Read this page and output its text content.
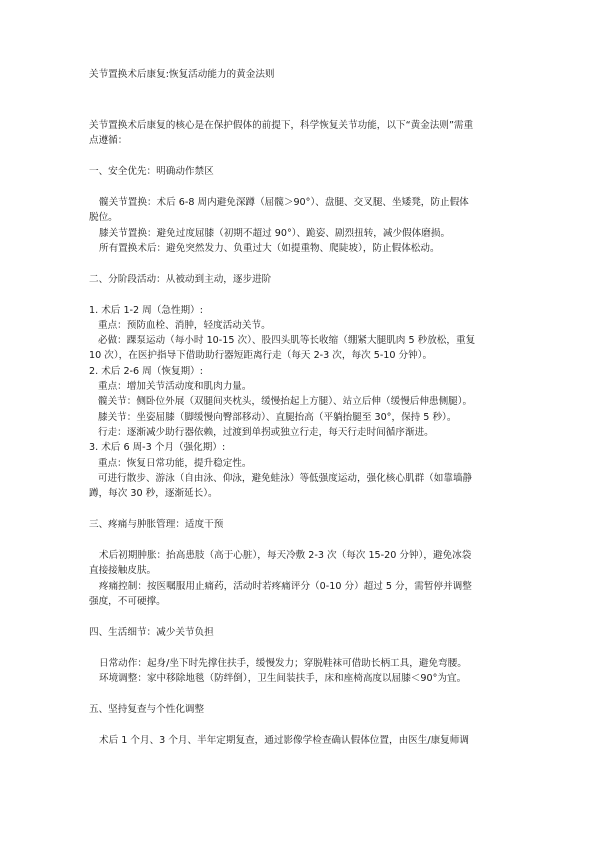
关节置换术后康复:恢复活动能力的黄金法则
关节置换术后康复的核心是在保护假体的前提下，科学恢复关节功能，以下“黄金法则”需重
点遵循：
一、安全优先：明确动作禁区
髋关节置换：术后 6-8 周内避免深蹲（屈髋＞90°）、盘腿、交叉腿、坐矮凳，防止假体
脱位。
膝关节置换：避免过度屈膝（初期不超过 90°）、跪姿、剧烈扭转，减少假体磨损。
所有置换术后：避免突然发力、负重过大（如提重物、爬陡坡），防止假体松动。
二、分阶段活动：从被动到主动，逐步进阶
1. 术后 1-2 周（急性期）:
重点：预防血栓、消肿，轻度活动关节。
必做：踝泵运动（每小时 10-15 次）、股四头肌等长收缩（绷紧大腿肌肉 5 秒放松，重复
10 次），在医护指导下借助助行器短距离行走（每天 2-3 次，每次 5-10 分钟）。
2. 术后 2-6 周（恢复期）:
重点：增加关节活动度和肌肉力量。
髋关节：侧卧位外展（双腿间夹枕头，缓慢抬起上方腿）、站立后伸（缓慢后伸患侧腿）。
膝关节：坐姿屈膝（脚缓慢向臀部移动）、直腿抬高（平躺抬腿至 30°，保持 5 秒）。
行走：逐渐减少助行器依赖，过渡到单拐或独立行走，每天行走时间循序渐进。
3. 术后 6 周-3 个月（强化期）:
重点：恢复日常功能，提升稳定性。
可进行散步、游泳（自由泳、仰泳，避免蛙泳）等低强度运动，强化核心肌群（如靠墙静
蹲，每次 30 秒，逐渐延长）。
三、疼痛与肿胀管理：适度干预
术后初期肿胀：抬高患肢（高于心脏），每天冷敷 2-3 次（每次 15-20 分钟），避免冰袋
直接接触皮肤。
疼痛控制：按医嘱服用止痛药，活动时若疼痛评分（0-10 分）超过 5 分，需暂停并调整
强度，不可硬撑。
四、生活细节：减少关节负担
日常动作：起身/坐下时先撑住扶手，缓慢发力；穿脱鞋袜可借助长柄工具，避免弯腰。
环境调整：家中移除地毯（防绊倒），卫生间装扶手，床和座椅高度以屈膝＜90°为宜。
五、坚持复查与个性化调整
术后 1 个月、3 个月、半年定期复查，通过影像学检查确认假体位置，由医生/康复师调
